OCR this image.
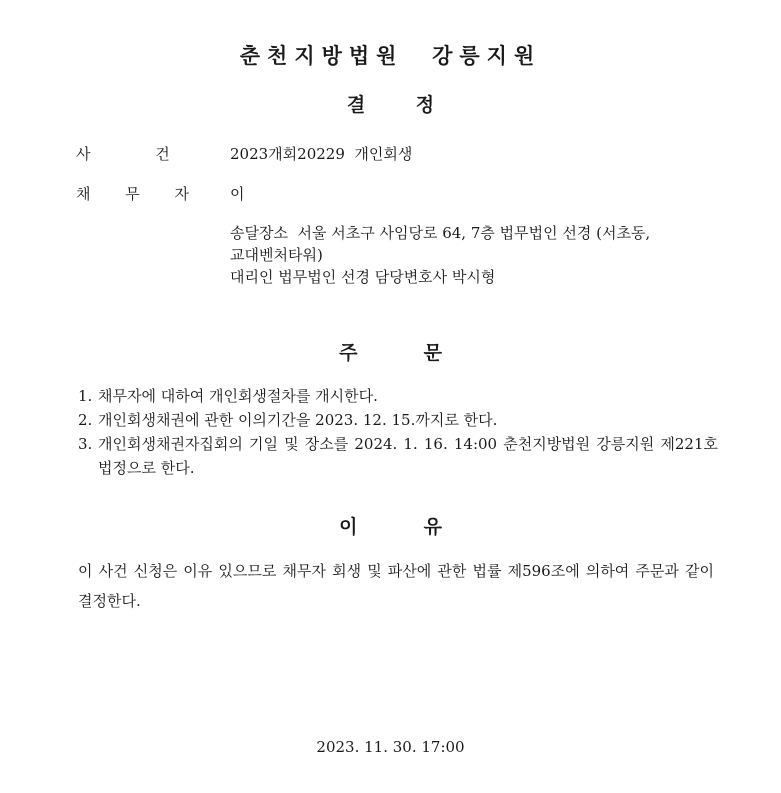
춘천지방법원  강릉지원
결    정
사 건	2023개회20229  개인회생
채 무 자	이
송달장소  서울 서초구 사임당로 64, 7층 법무법인 선경 (서초동,
교대벤처타워)
대리인 법무법인 선경 담당변호사 박시형
주          문
1. 채무자에 대하여 개인회생절차를 개시한다.
2. 개인회생채권에 관한 이의기간을 2023. 12. 15.까지로 한다.
3. 개인회생채권자집회의 기일 및 장소를 2024. 1. 16. 14:00 춘천지방법원 강릉지원 제221호 법정으로 한다.
이          유
이 사건 신청은 이유 있으므로 채무자 회생 및 파산에 관한 법률 제596조에 의하여 주문과 같이 결정한다.
2023. 11. 30. 17:00
